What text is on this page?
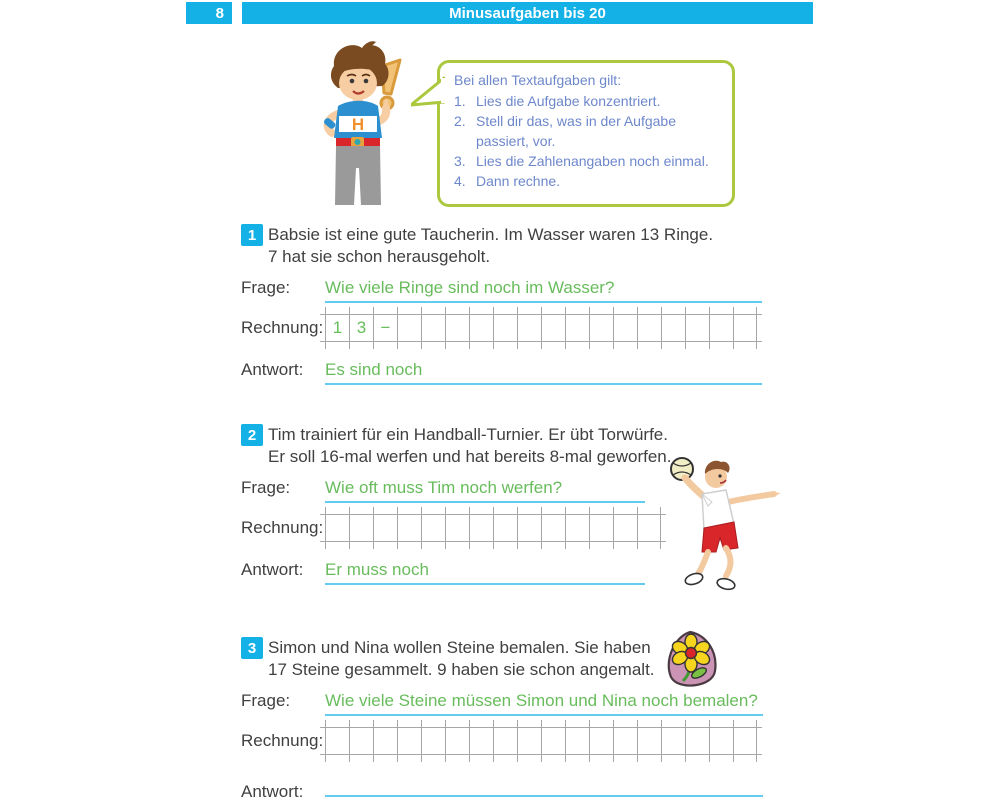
8	Minusaufgaben bis 20
H

Bei allen Textaufgaben gilt:

1. Lies die Aufgabe konzentriert.
2. Stell dir das, was in der Aufgabe
passiert, vor.
3. Lies die Zahlenangaben noch einmal.
4. Dann rechne.
1 Babsie ist eine gute Taucherin. Im Wasser waren 13 Ringe.
7 hat sie schon herausgeholt.

Frage:	Wie viele Ringe sind noch im Wasser?
Rechnung: 1 3 −
Antwort:	Es sind noch
2 Tim trainiert für ein Handball-Turnier. Er übt Torwürfe.
Er soll 16-mal werfen und hat bereits 8-mal geworfen.

Frage:	Wie oft muss Tim noch werfen?
Rechnung:
Antwort:	Er muss noch
3 Simon und Nina wollen Steine bemalen. Sie haben
17 Steine gesammelt. 9 haben sie schon angemalt.

Frage:	Wie viele Steine müssen Simon und Nina noch bemalen?
Rechnung:
Antwort:
